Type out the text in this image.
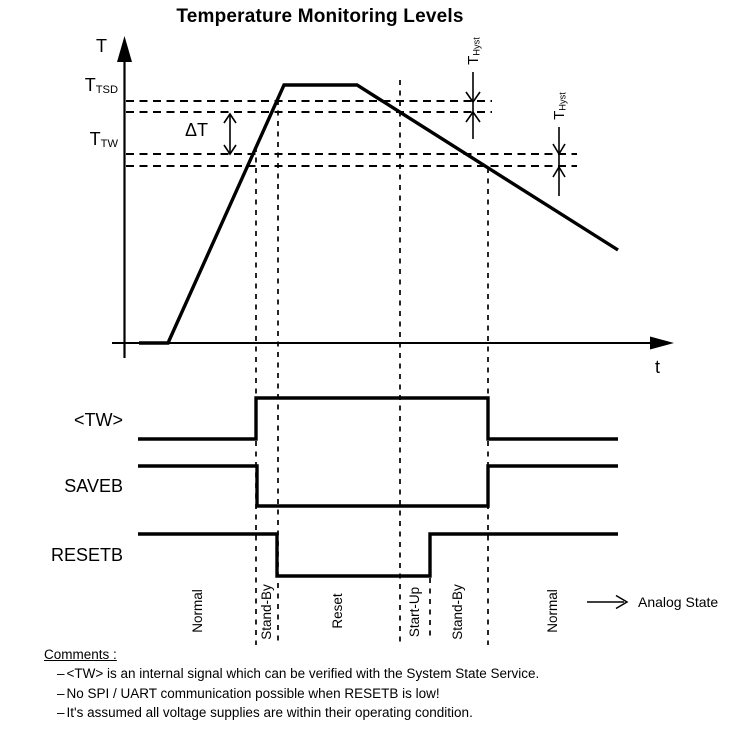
Temperature Monitoring Levels
T
t
TTSD
TTW
ΔT
THyst
THyst
<TW>
SAVEB
RESETB
Normal	Stand-By	Reset	Start-Up Stand-By	Normal	Analog State
Comments :
– <TW> is an internal signal which can be verified with the System State Service.
– No SPI / UART communication possible when RESETB is low!
– It's assumed all voltage supplies are within their operating condition.
